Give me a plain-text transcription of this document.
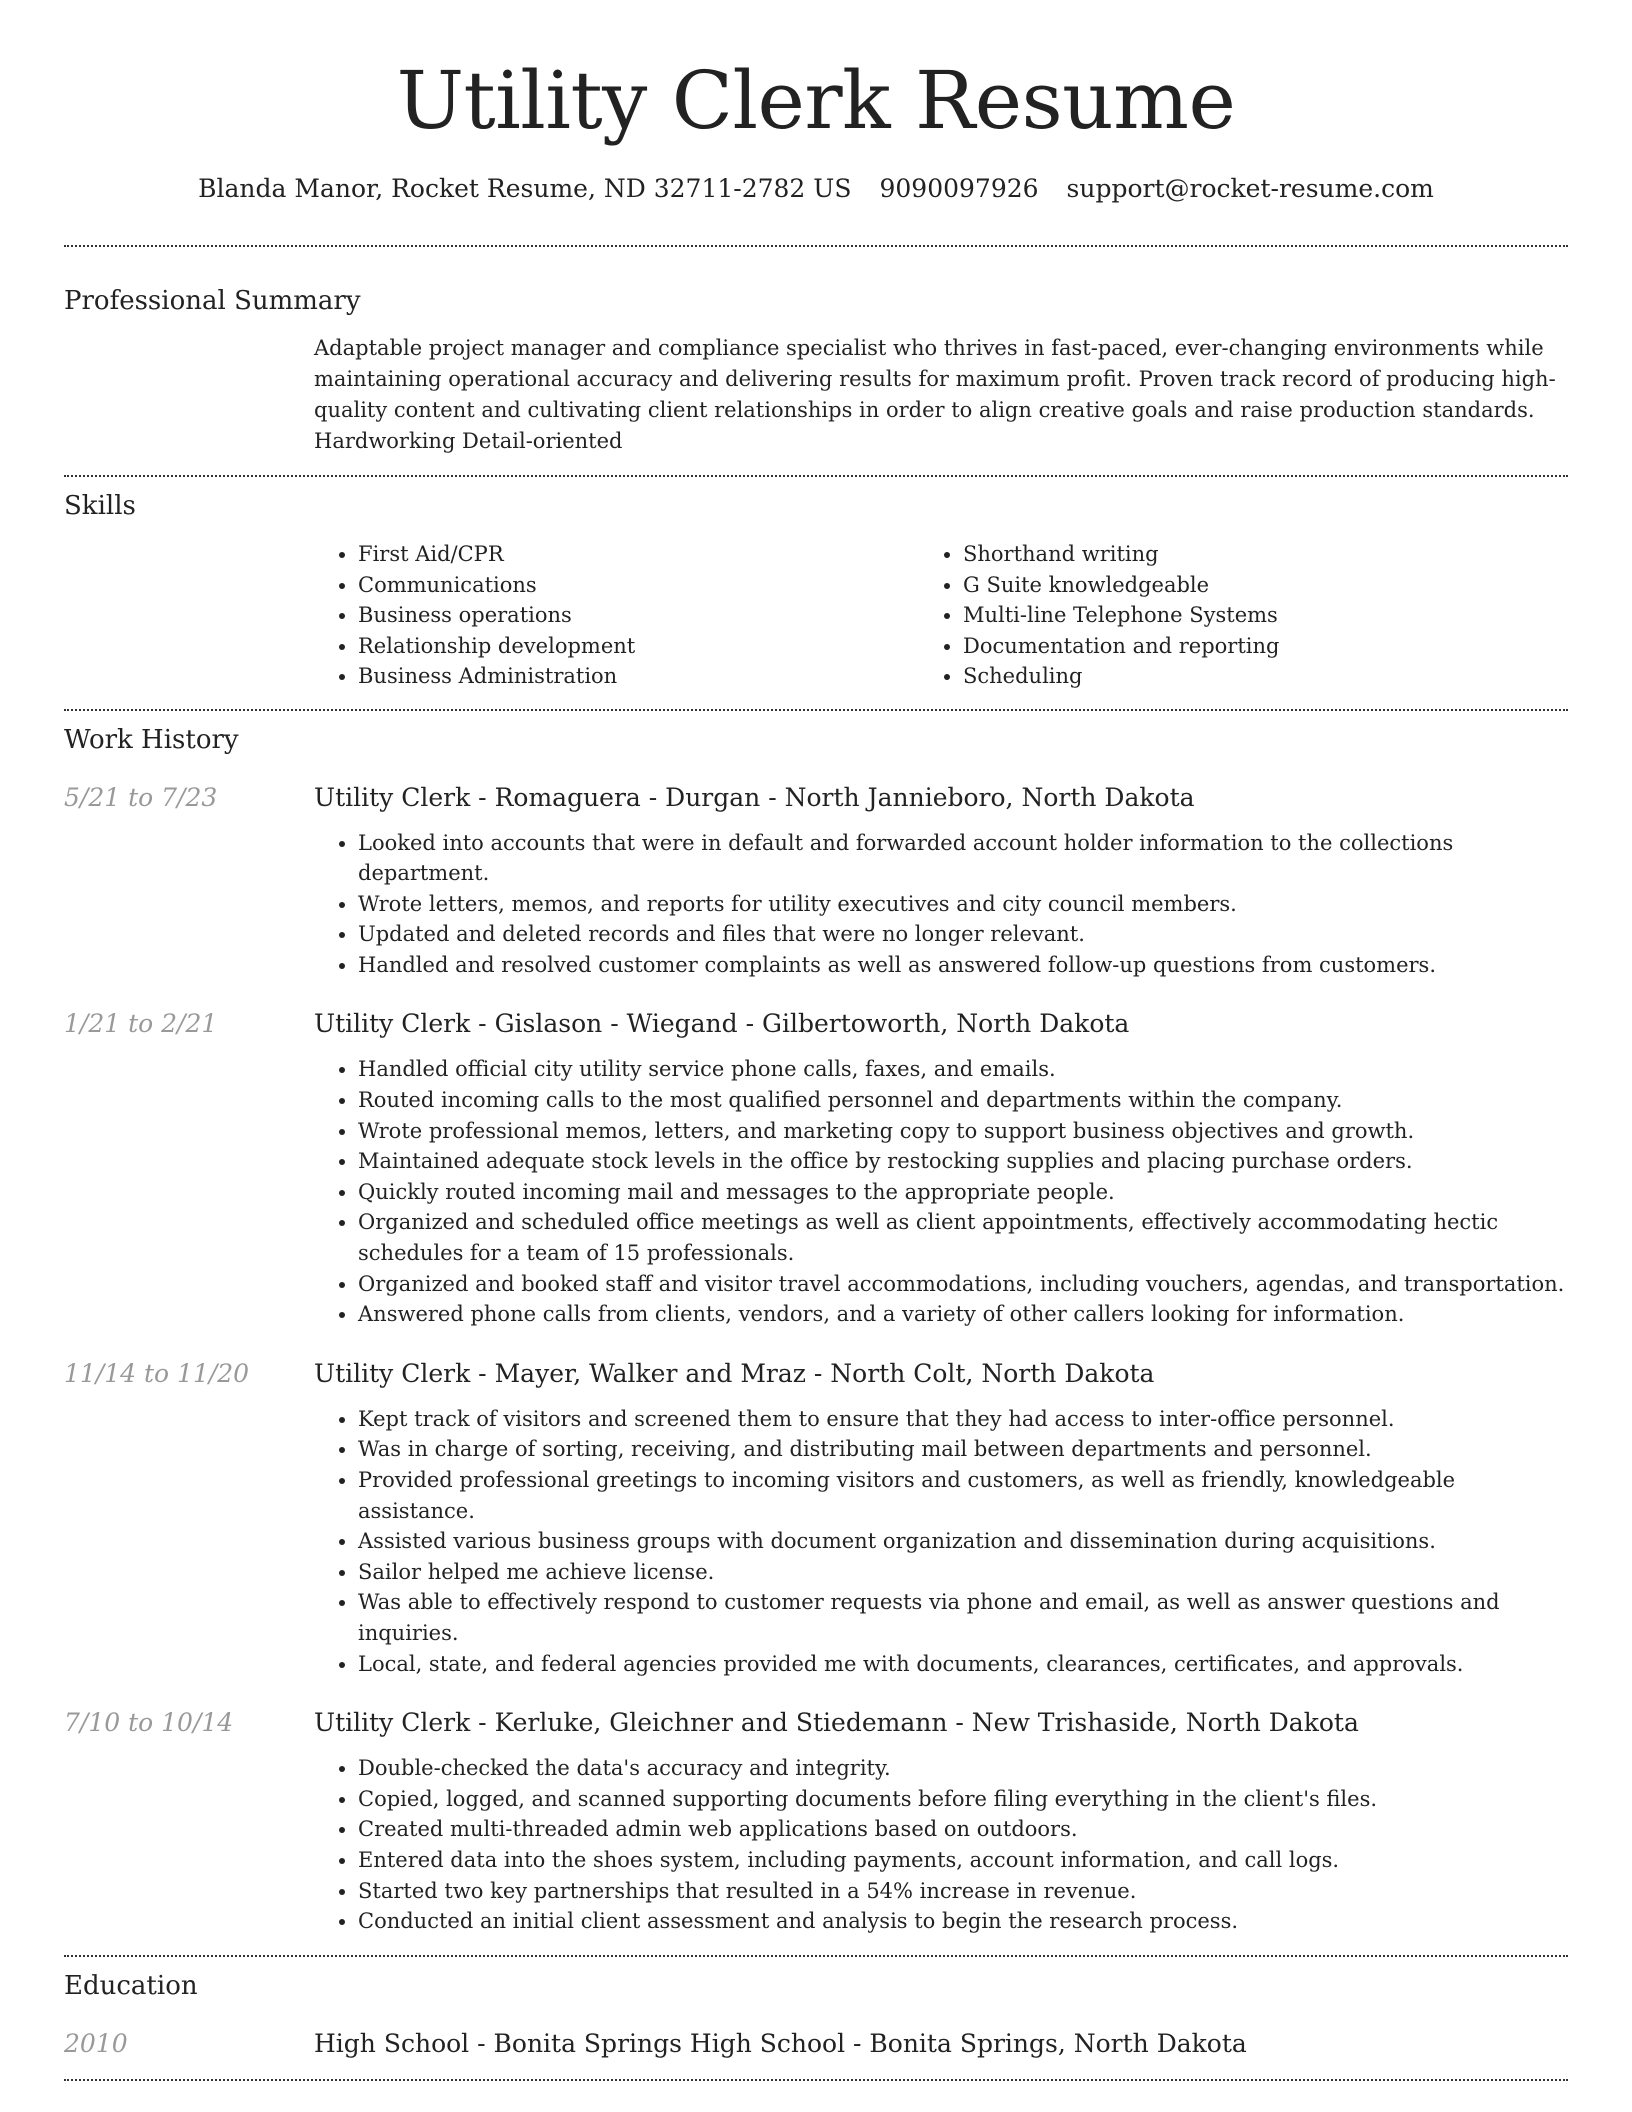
Utility Clerk Resume
Blanda Manor, Rocket Resume, ND 32711-2782 US 9090097926 support@rocket-resume.com
Professional Summary
Adaptable project manager and compliance specialist who thrives in fast-paced, ever-changing environments while maintaining operational accuracy and delivering results for maximum profit. Proven track record of producing high-quality content and cultivating client relationships in order to align creative goals and raise production standards. Hardworking Detail-oriented
Skills
• First Aid/CPR
• Communications
• Business operations
• Relationship development
• Business Administration
• Shorthand writing
• G Suite knowledgeable
• Multi-line Telephone Systems
• Documentation and reporting
• Scheduling
Work History
5/21 to 7/23	Utility Clerk - Romaguera - Durgan - North Jannieboro, North Dakota
• Looked into accounts that were in default and forwarded account holder information to the collections department.
• Wrote letters, memos, and reports for utility executives and city council members.
• Updated and deleted records and files that were no longer relevant.
• Handled and resolved customer complaints as well as answered follow-up questions from customers.
1/21 to 2/21	Utility Clerk - Gislason - Wiegand - Gilbertoworth, North Dakota
• Handled official city utility service phone calls, faxes, and emails.
• Routed incoming calls to the most qualified personnel and departments within the company.
• Wrote professional memos, letters, and marketing copy to support business objectives and growth.
• Maintained adequate stock levels in the office by restocking supplies and placing purchase orders.
• Quickly routed incoming mail and messages to the appropriate people.
• Organized and scheduled office meetings as well as client appointments, effectively accommodating hectic schedules for a team of 15 professionals.
• Organized and booked staff and visitor travel accommodations, including vouchers, agendas, and transportation.
• Answered phone calls from clients, vendors, and a variety of other callers looking for information.
11/14 to 11/20	Utility Clerk - Mayer, Walker and Mraz - North Colt, North Dakota
• Kept track of visitors and screened them to ensure that they had access to inter-office personnel.
• Was in charge of sorting, receiving, and distributing mail between departments and personnel.
• Provided professional greetings to incoming visitors and customers, as well as friendly, knowledgeable assistance.
• Assisted various business groups with document organization and dissemination during acquisitions.
• Sailor helped me achieve license.
• Was able to effectively respond to customer requests via phone and email, as well as answer questions and inquiries.
• Local, state, and federal agencies provided me with documents, clearances, certificates, and approvals.
7/10 to 10/14	Utility Clerk - Kerluke, Gleichner and Stiedemann - New Trishaside, North Dakota
• Double-checked the data's accuracy and integrity.
• Copied, logged, and scanned supporting documents before filing everything in the client's files.
• Created multi-threaded admin web applications based on outdoors.
• Entered data into the shoes system, including payments, account information, and call logs.
• Started two key partnerships that resulted in a 54% increase in revenue.
• Conducted an initial client assessment and analysis to begin the research process.
Education
2010	High School - Bonita Springs High School - Bonita Springs, North Dakota
